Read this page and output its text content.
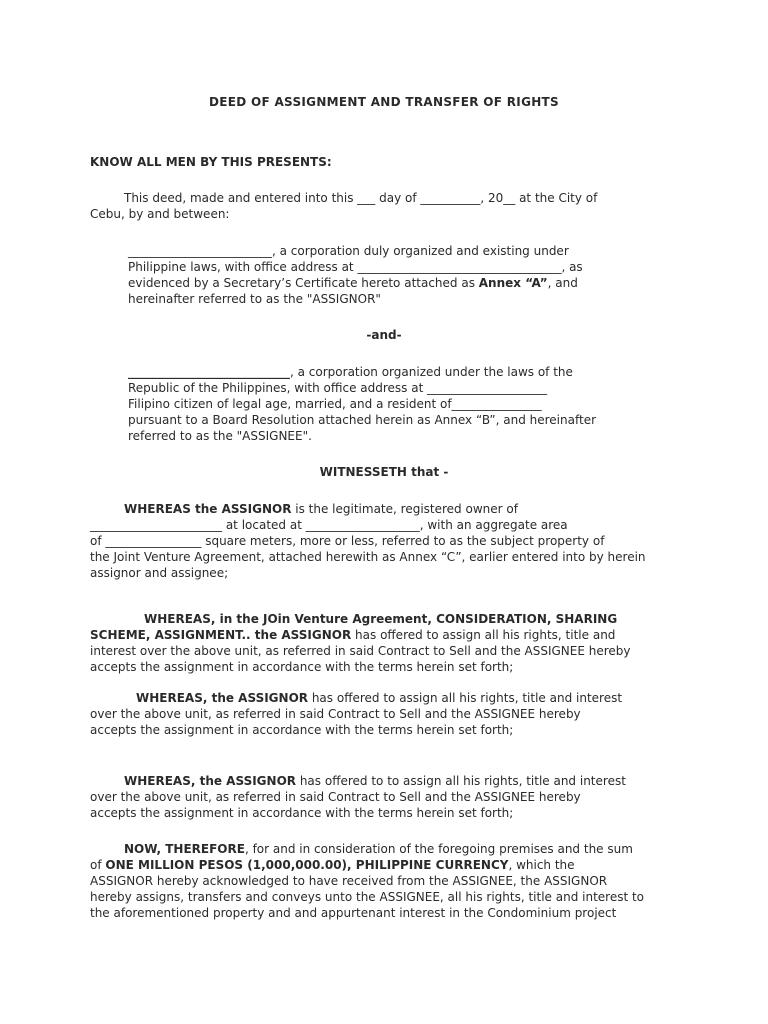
DEED OF ASSIGNMENT AND TRANSFER OF RIGHTS
KNOW ALL MEN BY THIS PRESENTS:
This deed, made and entered into this ___ day of __________, 20__ at the City of
Cebu, by and between:
________________________, a corporation duly organized and existing under
Philippine laws, with office address at __________________________________, as
evidenced by a Secretary’s Certificate hereto attached as Annex “A”, and
hereinafter referred to as the "ASSIGNOR"
-and-
___________________________, a corporation organized under the laws of the
Republic of the Philippines, with office address at ____________________
Filipino citizen of legal age, married, and a resident of_______________
pursuant to a Board Resolution attached herein as Annex “B”, and hereinafter
referred to as the "ASSIGNEE".
WITNESSETH that -
WHEREAS the ASSIGNOR is the legitimate, registered owner of
______________________ at located at ___________________, with an aggregate area
of ________________ square meters, more or less, referred to as the subject property of
the Joint Venture Agreement, attached herewith as Annex “C”, earlier entered into by herein
assignor and assignee;
WHEREAS, in the JOin Venture Agreement, CONSIDERATION, SHARING
SCHEME, ASSIGNMENT.. the ASSIGNOR has offered to assign all his rights, title and
interest over the above unit, as referred in said Contract to Sell and the ASSIGNEE hereby
accepts the assignment in accordance with the terms herein set forth;
WHEREAS, the ASSIGNOR has offered to assign all his rights, title and interest
over the above unit, as referred in said Contract to Sell and the ASSIGNEE hereby
accepts the assignment in accordance with the terms herein set forth;
WHEREAS, the ASSIGNOR has offered to to assign all his rights, title and interest
over the above unit, as referred in said Contract to Sell and the ASSIGNEE hereby
accepts the assignment in accordance with the terms herein set forth;
NOW, THEREFORE, for and in consideration of the foregoing premises and the sum
of ONE MILLION PESOS (1,000,000.00), PHILIPPINE CURRENCY, which the
ASSIGNOR hereby acknowledged to have received from the ASSIGNEE, the ASSIGNOR
hereby assigns, transfers and conveys unto the ASSIGNEE, all his rights, title and interest to
the aforementioned property and and appurtenant interest in the Condominium project
